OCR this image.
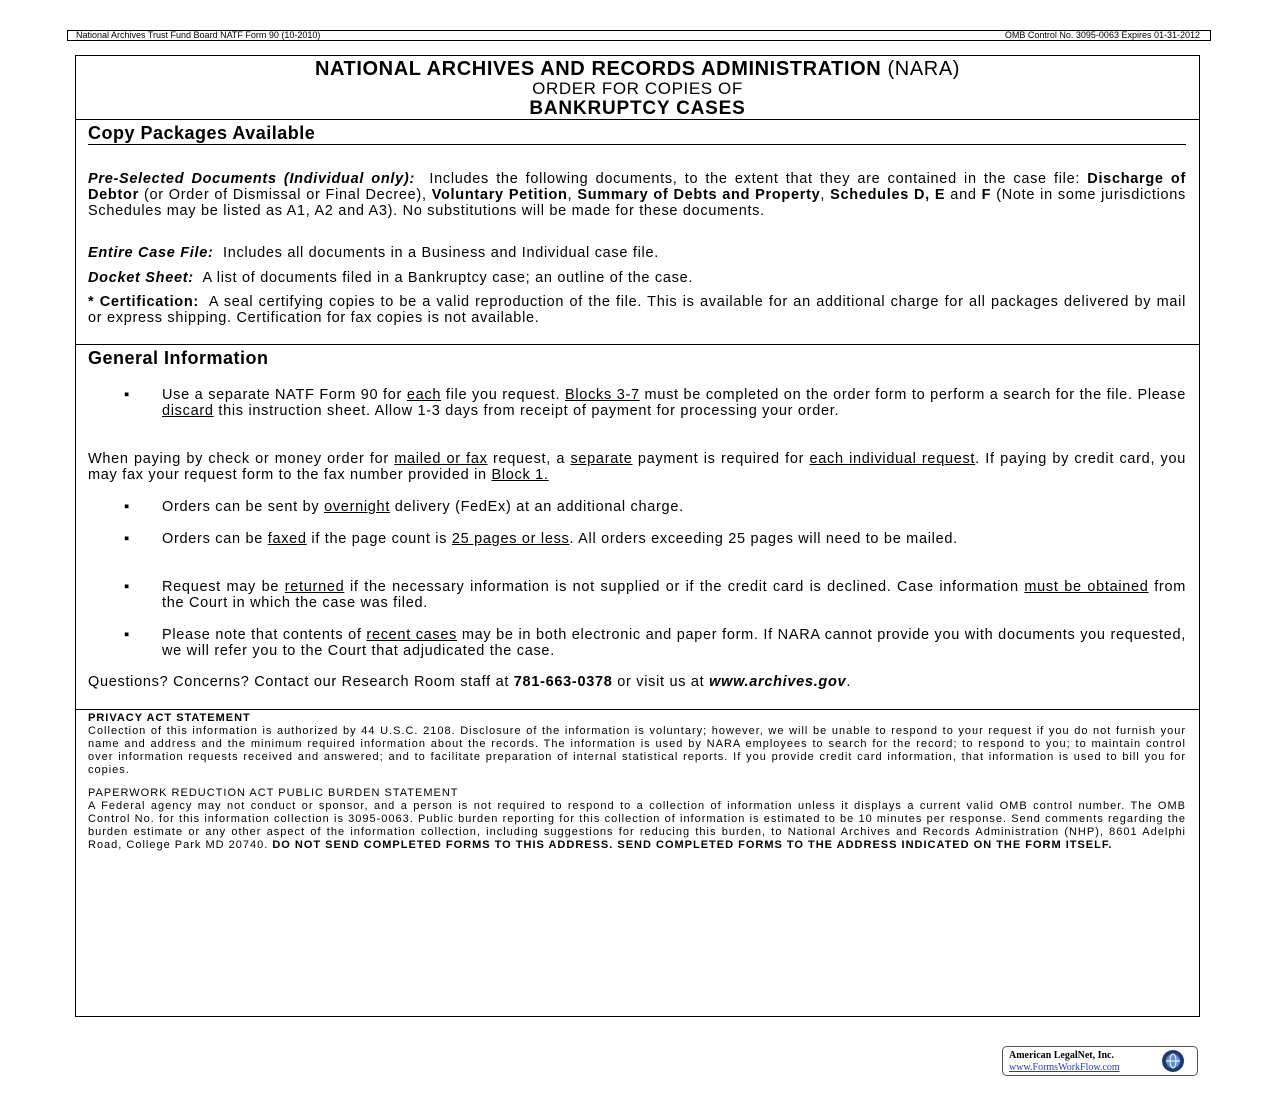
National Archives Trust Fund Board NATF Form 90 (10-2010)	OMB Control No. 3095-0063 Expires 01-31-2012
NATIONAL ARCHIVES AND RECORDS ADMINISTRATION (NARA)
ORDER FOR COPIES OF
BANKRUPTCY CASES
Copy Packages Available
Pre-Selected Documents (Individual only): Includes the following documents, to the extent that they are contained in the case file: Discharge of Debtor (or Order of Dismissal or Final Decree), Voluntary Petition, Summary of Debts and Property, Schedules D, E and F (Note in some jurisdictions Schedules may be listed as A1, A2 and A3). No substitutions will be made for these documents.
Entire Case File: Includes all documents in a Business and Individual case file.
Docket Sheet: A list of documents filed in a Bankruptcy case; an outline of the case.
* Certification: A seal certifying copies to be a valid reproduction of the file. This is available for an additional charge for all packages delivered by mail or express shipping. Certification for fax copies is not available.
General Information
▪ Use a separate NATF Form 90 for each file you request. Blocks 3-7 must be completed on the order form to perform a search for the file. Please discard this instruction sheet. Allow 1-3 days from receipt of payment for processing your order.
When paying by check or money order for mailed or fax request, a separate payment is required for each individual request. If paying by credit card, you may fax your request form to the fax number provided in Block 1.
▪ Orders can be sent by overnight delivery (FedEx) at an additional charge.
▪ Orders can be faxed if the page count is 25 pages or less. All orders exceeding 25 pages will need to be mailed.
▪ Request may be returned if the necessary information is not supplied or if the credit card is declined. Case information must be obtained from the Court in which the case was filed.
▪ Please note that contents of recent cases may be in both electronic and paper form. If NARA cannot provide you with documents you requested, we will refer you to the Court that adjudicated the case.
Questions? Concerns? Contact our Research Room staff at 781-663-0378 or visit us at www.archives.gov.
PRIVACY ACT STATEMENT
Collection of this information is authorized by 44 U.S.C. 2108. Disclosure of the information is voluntary; however, we will be unable to respond to your request if you do not furnish your name and address and the minimum required information about the records. The information is used by NARA employees to search for the record; to respond to you; to maintain control over information requests received and answered; and to facilitate preparation of internal statistical reports. If you provide credit card information, that information is used to bill you for copies.
PAPERWORK REDUCTION ACT PUBLIC BURDEN STATEMENT
A Federal agency may not conduct or sponsor, and a person is not required to respond to a collection of information unless it displays a current valid OMB control number. The OMB Control No. for this information collection is 3095-0063. Public burden reporting for this collection of information is estimated to be 10 minutes per response. Send comments regarding the burden estimate or any other aspect of the information collection, including suggestions for reducing this burden, to National Archives and Records Administration (NHP), 8601 Adelphi Road, College Park MD 20740. DO NOT SEND COMPLETED FORMS TO THIS ADDRESS. SEND COMPLETED FORMS TO THE ADDRESS INDICATED ON THE FORM ITSELF.
American LegalNet, Inc.
www.FormsWorkFlow.com
